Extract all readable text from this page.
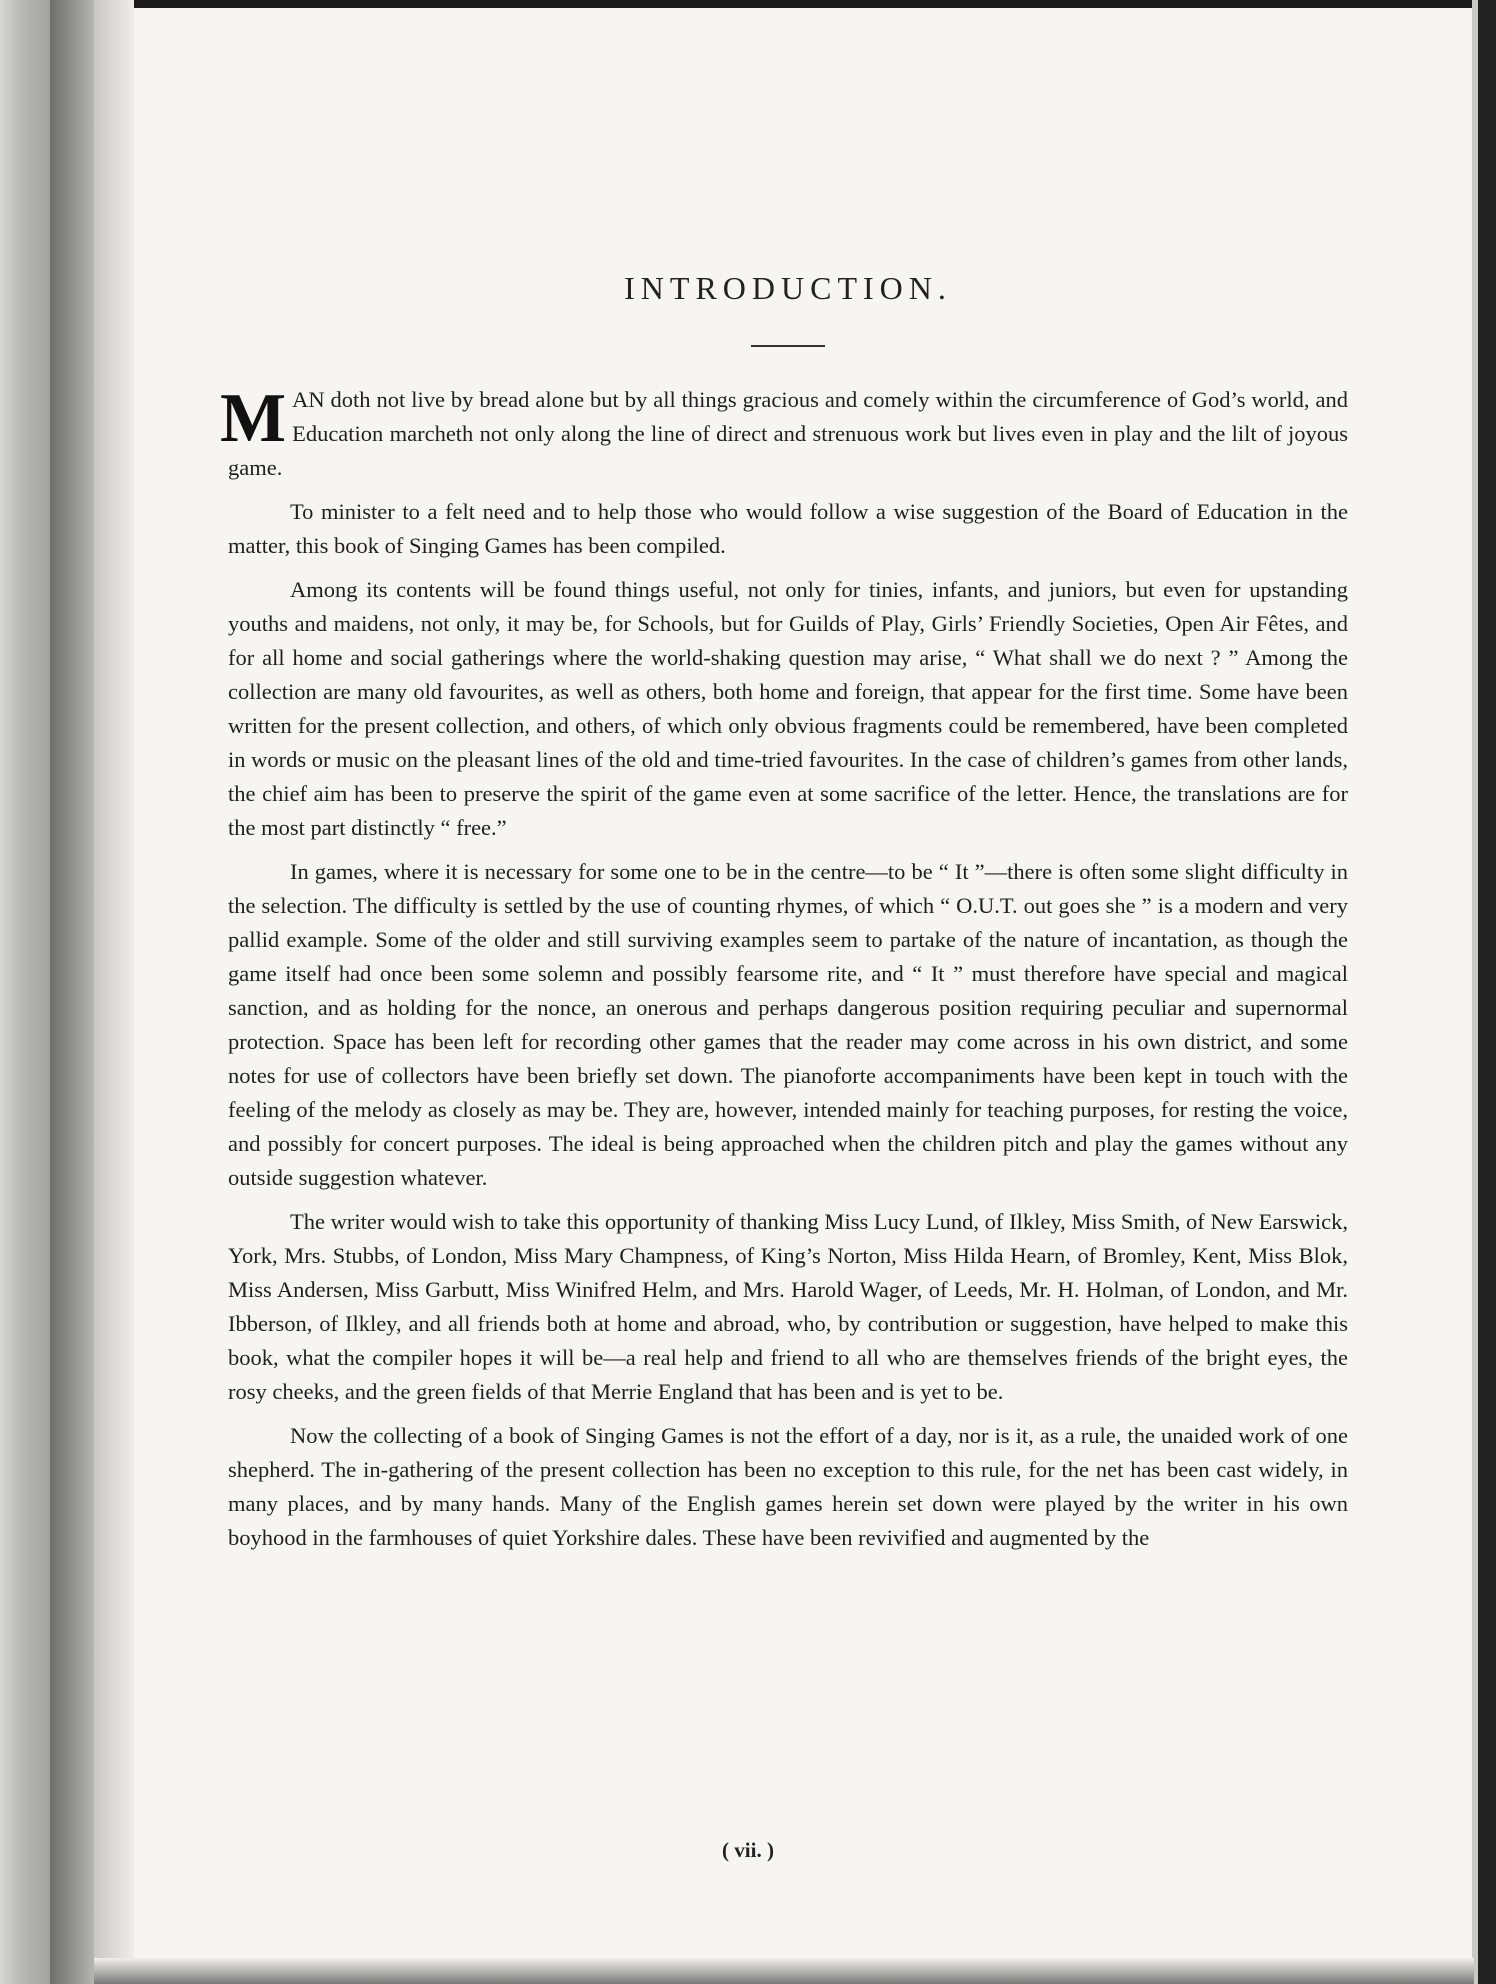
INTRODUCTION.

MAN doth not live by bread alone but by all things gracious and comely within the circumference of God’s world, and Education marcheth not only along the line of direct and strenuous work but lives even in play and the lilt of joyous game.

To minister to a felt need and to help those who would follow a wise suggestion of the Board of Education in the matter, this book of Singing Games has been compiled.

Among its contents will be found things useful, not only for tinies, infants, and juniors, but even for upstanding youths and maidens, not only, it may be, for Schools, but for Guilds of Play, Girls’ Friendly Societies, Open Air Fêtes, and for all home and social gatherings where the world-shaking question may arise, “ What shall we do next ? ” Among the collection are many old favourites, as well as others, both home and foreign, that appear for the first time. Some have been written for the present collection, and others, of which only obvious fragments could be remembered, have been completed in words or music on the pleasant lines of the old and time-tried favourites. In the case of children’s games from other lands, the chief aim has been to preserve the spirit of the game even at some sacrifice of the letter. Hence, the translations are for the most part distinctly “ free.”

In games, where it is necessary for some one to be in the centre—to be “ It ”—there is often some slight difficulty in the selection. The difficulty is settled by the use of counting rhymes, of which “ O.U.T. out goes she ” is a modern and very pallid example. Some of the older and still surviving examples seem to partake of the nature of incantation, as though the game itself had once been some solemn and possibly fearsome rite, and “ It ” must therefore have special and magical sanction, and as holding for the nonce, an onerous and perhaps dangerous position requiring peculiar and supernormal protection. Space has been left for recording other games that the reader may come across in his own district, and some notes for use of collectors have been briefly set down. The pianoforte accompaniments have been kept in touch with the feeling of the melody as closely as may be. They are, however, intended mainly for teaching purposes, for resting the voice, and possibly for concert purposes. The ideal is being approached when the children pitch and play the games without any outside suggestion whatever.

The writer would wish to take this opportunity of thanking Miss Lucy Lund, of Ilkley, Miss Smith, of New Earswick, York, Mrs. Stubbs, of London, Miss Mary Champness, of King’s Norton, Miss Hilda Hearn, of Bromley, Kent, Miss Blok, Miss Andersen, Miss Garbutt, Miss Winifred Helm, and Mrs. Harold Wager, of Leeds, Mr. H. Holman, of London, and Mr. Ibberson, of Ilkley, and all friends both at home and abroad, who, by contribution or suggestion, have helped to make this book, what the compiler hopes it will be—a real help and friend to all who are themselves friends of the bright eyes, the rosy cheeks, and the green fields of that Merrie England that has been and is yet to be.

Now the collecting of a book of Singing Games is not the effort of a day, nor is it, as a rule, the unaided work of one shepherd. The in-gathering of the present collection has been no exception to this rule, for the net has been cast widely, in many places, and by many hands. Many of the English games herein set down were played by the writer in his own boyhood in the farmhouses of quiet Yorkshire dales. These have been revivified and augmented by the

( vii. )
